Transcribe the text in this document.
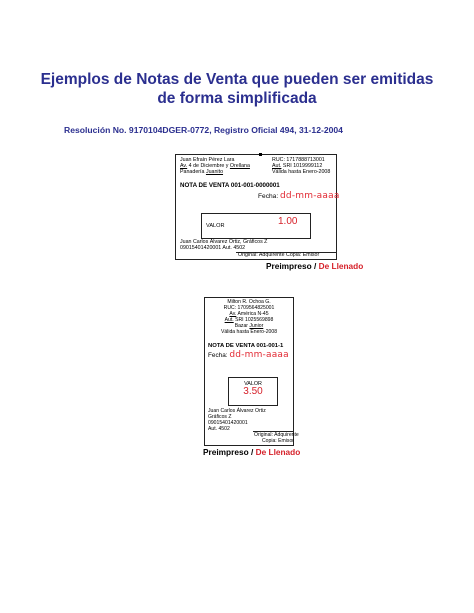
Ejemplos de Notas de Venta que pueden ser emitidas
de forma simplificada
Resolución No. 9170104DGER-0772, Registro Oficial 494, 31-12-2004
Juan Efraín Pérez Lara
Av. 4 de Diciembre y Orellana
Panadería Juanito
RUC: 1717888713001
Aut. SRI 1019999112
Válida hasta Enero-2008
NOTA DE VENTA 001-001-0000001
Fecha: dd-mm-aaaa
VALOR	1.00
Juan Carlos Álvarez Ortiz, Gráficos Z
09015401420001 Aut. 4502
Original: Adquirente Copia: Emisor
Preimpreso / De Llenado
Milton R. Ochoa G.
RUC: 1709564825001
Av. América N-45
Aut. SRI 1025569898
Bazar Junior
Válida hasta Enero-2008
NOTA DE VENTA 001-001-1
Fecha: dd-mm-aaaa
VALOR
3.50
Juan Carlos Álvarez Ortiz
Gráficos Z
09015401420001
Aut. 4502
Original: Adquirente
Copia: Emisor
Preimpreso / De Llenado
